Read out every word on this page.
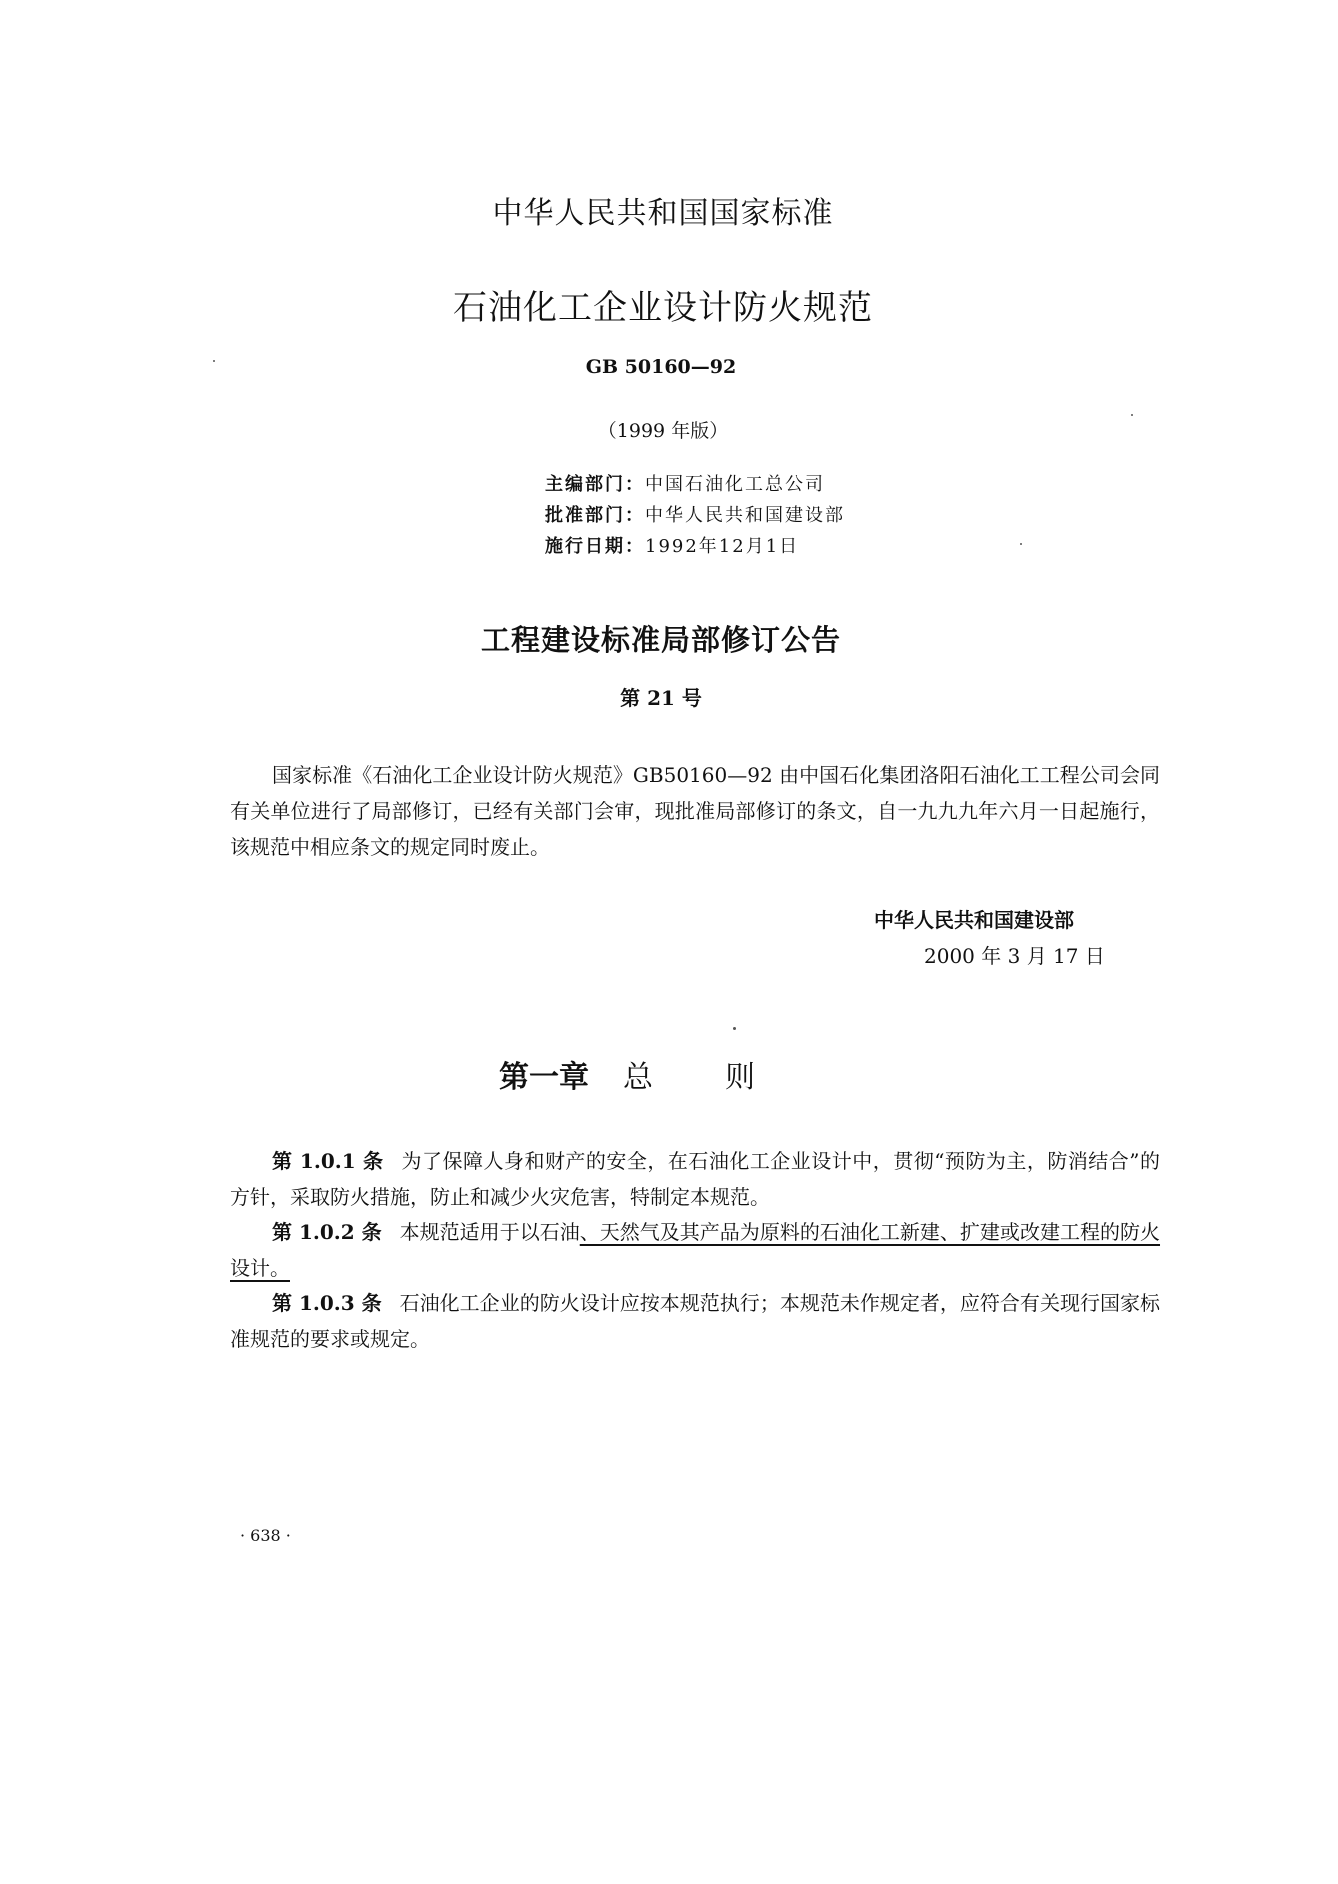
中华人民共和国国家标准
石油化工企业设计防火规范
GB 50160—92
（1999 年版）
主编部门：中国石油化工总公司
批准部门：中华人民共和国建设部
施行日期：1992年12月1日
工程建设标准局部修订公告
第 21 号
国家标准《石油化工企业设计防火规范》GB50160—92 由中国石化集团洛阳石油化工工程公司会同有关单位进行了局部修订，已经有关部门会审，现批准局部修订的条文，自一九九九年六月一日起施行，该规范中相应条文的规定同时废止。
中华人民共和国建设部
2000 年 3 月 17 日
第一章 总则
第 1.0.1 条 为了保障人身和财产的安全，在石油化工企业设计中，贯彻“预防为主，防消结合”的方针，采取防火措施，防止和减少火灾危害，特制定本规范。
第 1.0.2 条 本规范适用于以石油、天然气及其产品为原料的石油化工新建、扩建或改建工程的防火设计。
第 1.0.3 条 石油化工企业的防火设计应按本规范执行；本规范未作规定者，应符合有关现行国家标准规范的要求或规定。
· 638 ·
